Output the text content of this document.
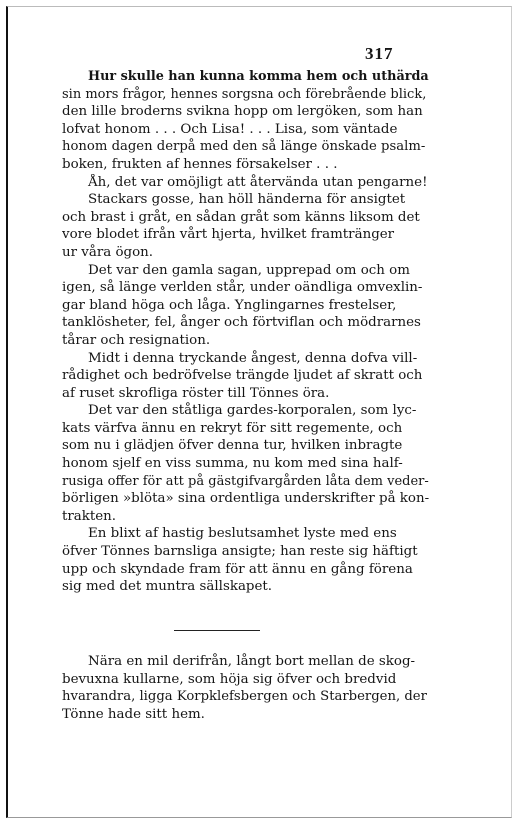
317
Hur skulle han kunna komma hem och uthärda
sin mors frågor, hennes sorgsna och förebrående blick,
den lille broderns svikna hopp om lergöken, som han
lofvat honom . . . Och Lisa! . . . Lisa, som väntade
honom dagen derpå med den så länge önskade psalm-
boken, frukten af hennes försakelser . . .
Åh, det var omöjligt att återvända utan pengarne!
Stackars gosse, han höll händerna för ansigtet
och brast i gråt, en sådan gråt som känns liksom det
vore blodet ifrån vårt hjerta, hvilket framtränger
ur våra ögon.
Det var den gamla sagan, upprepad om och om
igen, så länge verlden står, under oändliga omvexlin-
gar bland höga och låga. Ynglingarnes frestelser,
tanklösheter, fel, ånger och förtviflan och mödrarnes
tårar och resignation.
Midt i denna tryckande ångest, denna dofva vill-
rådighet och bedröfvelse trängde ljudet af skratt och
af ruset skrofliga röster till Tönnes öra.
Det var den ståtliga gardes-korporalen, som lyc-
kats värfva ännu en rekryt för sitt regemente, och
som nu i glädjen öfver denna tur, hvilken inbragte
honom sjelf en viss summa, nu kom med sina half-
rusiga offer för att på gästgifvargården låta dem veder-
börligen »blöta» sina ordentliga underskrifter på kon-
trakten.
En blixt af hastig beslutsamhet lyste med ens
öfver Tönnes barnsliga ansigte; han reste sig häftigt
upp och skyndade fram för att ännu en gång förena
sig med det muntra sällskapet.
Nära en mil derifrån, långt bort mellan de skog-
bevuxna kullarne, som höja sig öfver och bredvid
hvarandra, ligga Korpklefsbergen och Starbergen, der
Tönne hade sitt hem.
